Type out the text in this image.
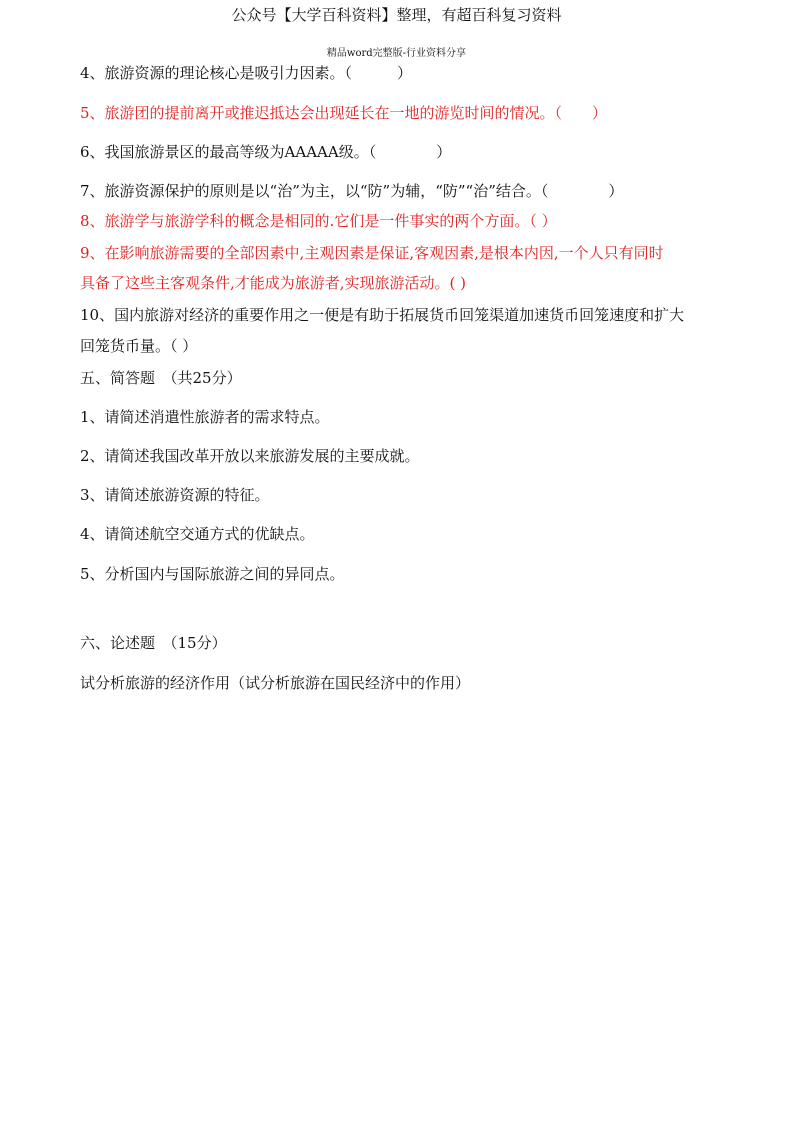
公众号【大学百科资料】整理，有超百科复习资料
精品word完整版-行业资料分享
4、旅游资源的理论核心是吸引力因素。（　　　）
5、旅游团的提前离开或推迟抵达会出现延长在一地的游览时间的情况。（　　）
6、我国旅游景区的最高等级为AAAAA级。（　　　　）
7、旅游资源保护的原则是以“治”为主，以“防”为辅，“防”“治”结合。（　　　　）
8、旅游学与旅游学科的概念是相同的.它们是一件事实的两个方面。（ ）
9、在影响旅游需要的全部因素中,主观因素是保证,客观因素,是根本内因,一个人只有同时
具备了这些主客观条件,才能成为旅游者,实现旅游活动。( )
10、国内旅游对经济的重要作用之一便是有助于拓展货币回笼渠道加速货币回笼速度和扩大
回笼货币量。（ ）
五、简答题　（共25分）
1、请简述消遣性旅游者的需求特点。
2、请简述我国改革开放以来旅游发展的主要成就。
3、请简述旅游资源的特征。
4、请简述航空交通方式的优缺点。
5、分析国内与国际旅游之间的异同点。
六、论述题　（15分）
试分析旅游的经济作用（试分析旅游在国民经济中的作用）
